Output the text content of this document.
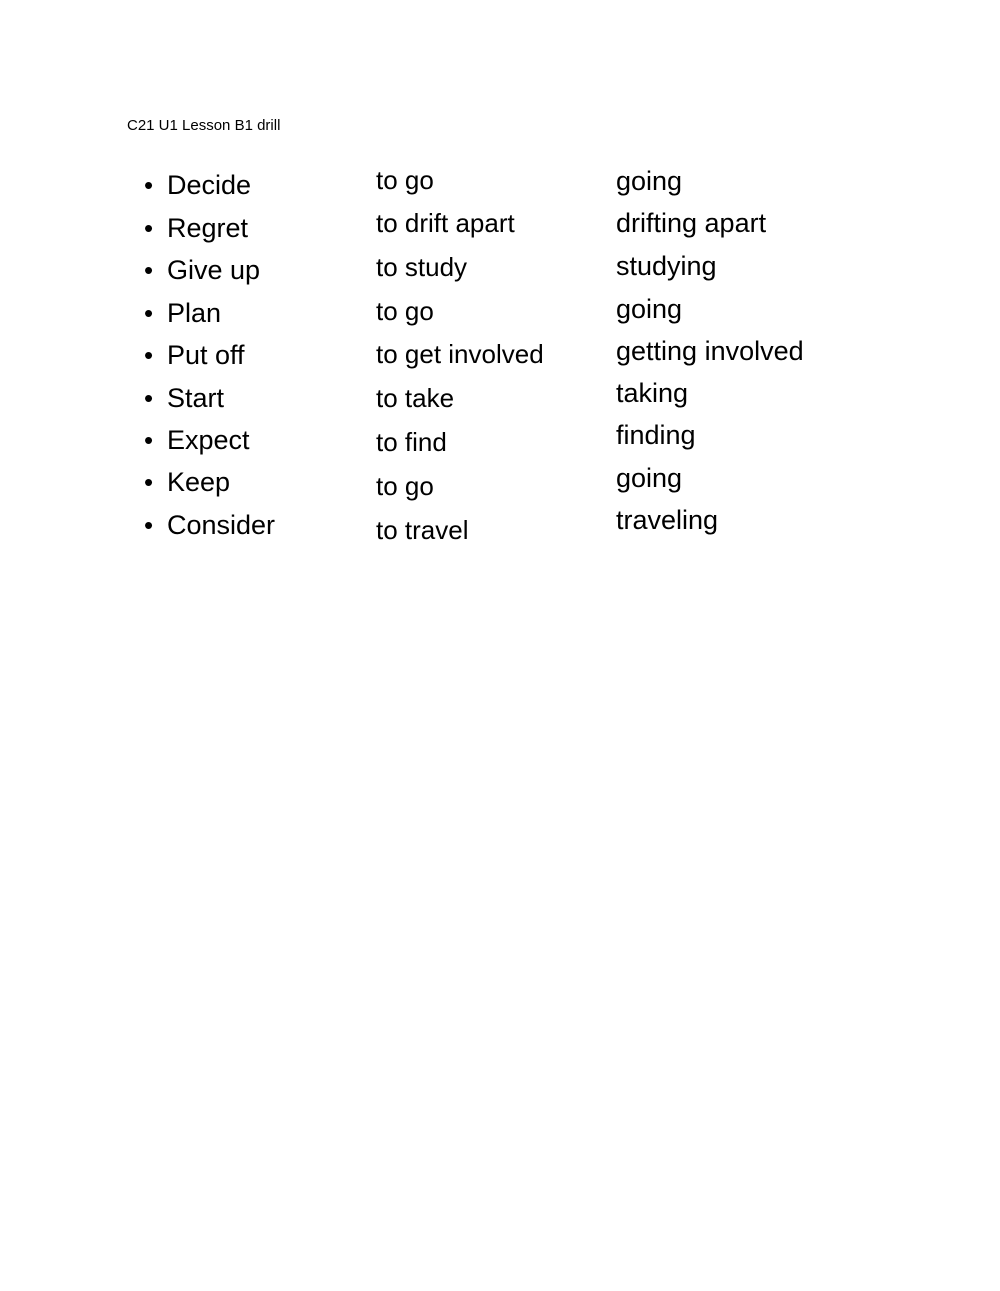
C21 U1 Lesson B1 drill
• Decide	to go	going
• Regret	to drift apart	drifting apart
• Give up	to study	studying
• Plan	to go	going
• Put off	to get involved	getting involved
• Start	to take	taking
• Expect	to find	finding
• Keep	to go	going
• Consider	to travel	traveling
